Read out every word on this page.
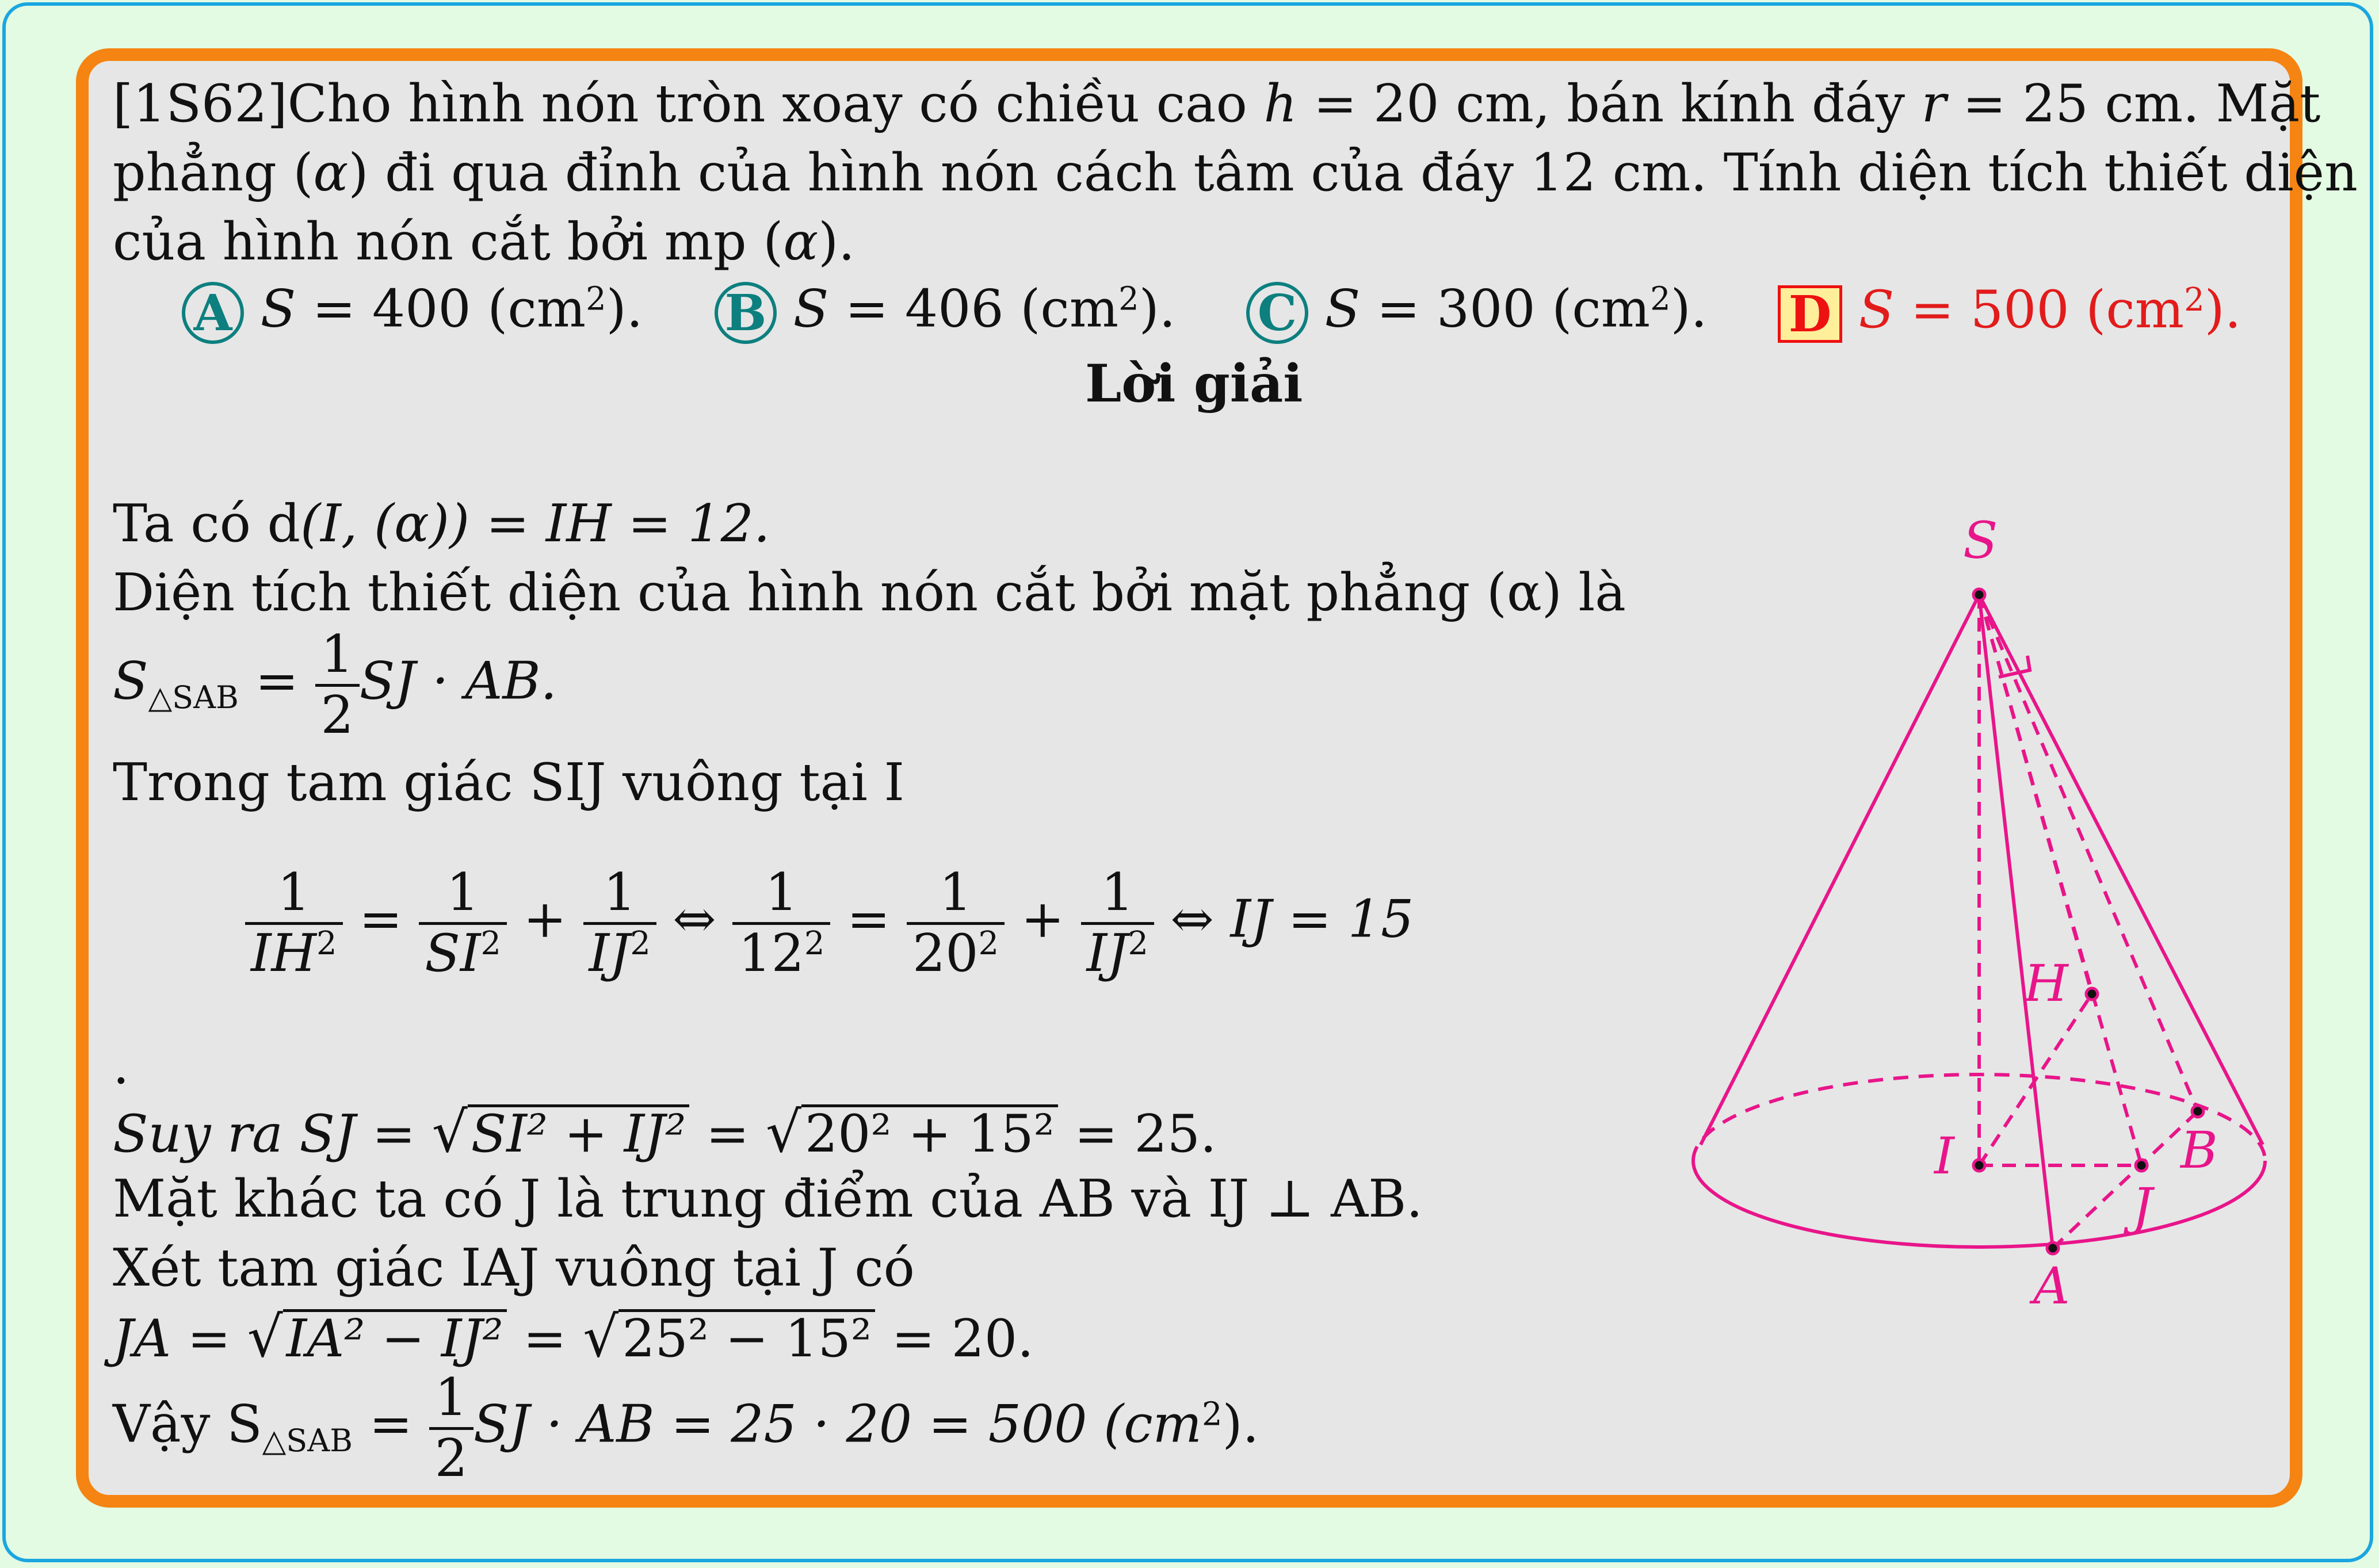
[1S62]Cho hình nón tròn xoay có chiều cao h = 20 cm, bán kính đáy r = 25 cm. Mặt
phẳng (α) đi qua đỉnh của hình nón cách tâm của đáy 12 cm. Tính diện tích thiết diện
của hình nón cắt bởi mp (α).
A S = 400 $(cm^2)$. B S = 406 $(cm^2)$. C S = 300 $(cm^2)$. D S = 500 $(cm^2)$.
Lời giải
Ta có d(I, (α)) = IH = 12.
Diện tích thiết diện của hình nón cắt bởi mặt phẳng (α) là
$S_{\triangle SAB} = \frac{1}{2}$ SJ · AB.
Trong tam giác SIJ vuông tại I
$\frac{1}{IH^2} = \frac{1}{SI^2} + \frac{1}{IJ^2}$ ⇔ $\frac{1}{12^2} = \frac{1}{20^2} + \frac{1}{IJ^2}$ ⇔ IJ = 15
.
Suy ra SJ = √SI² + IJ² = √20² + 15² = 25.
Mặt khác ta có J là trung điểm của AB và IJ ⊥ AB.
Xét tam giác IAJ vuông tại J có
JA = √IA² − IJ² = √25² − 15² = 20.
Vậy $S_{\triangle SAB} = \frac{1}{2}$ SJ · AB = 25 · 20 = 500 $(cm^2)$.
S
H
I	B
J
A
